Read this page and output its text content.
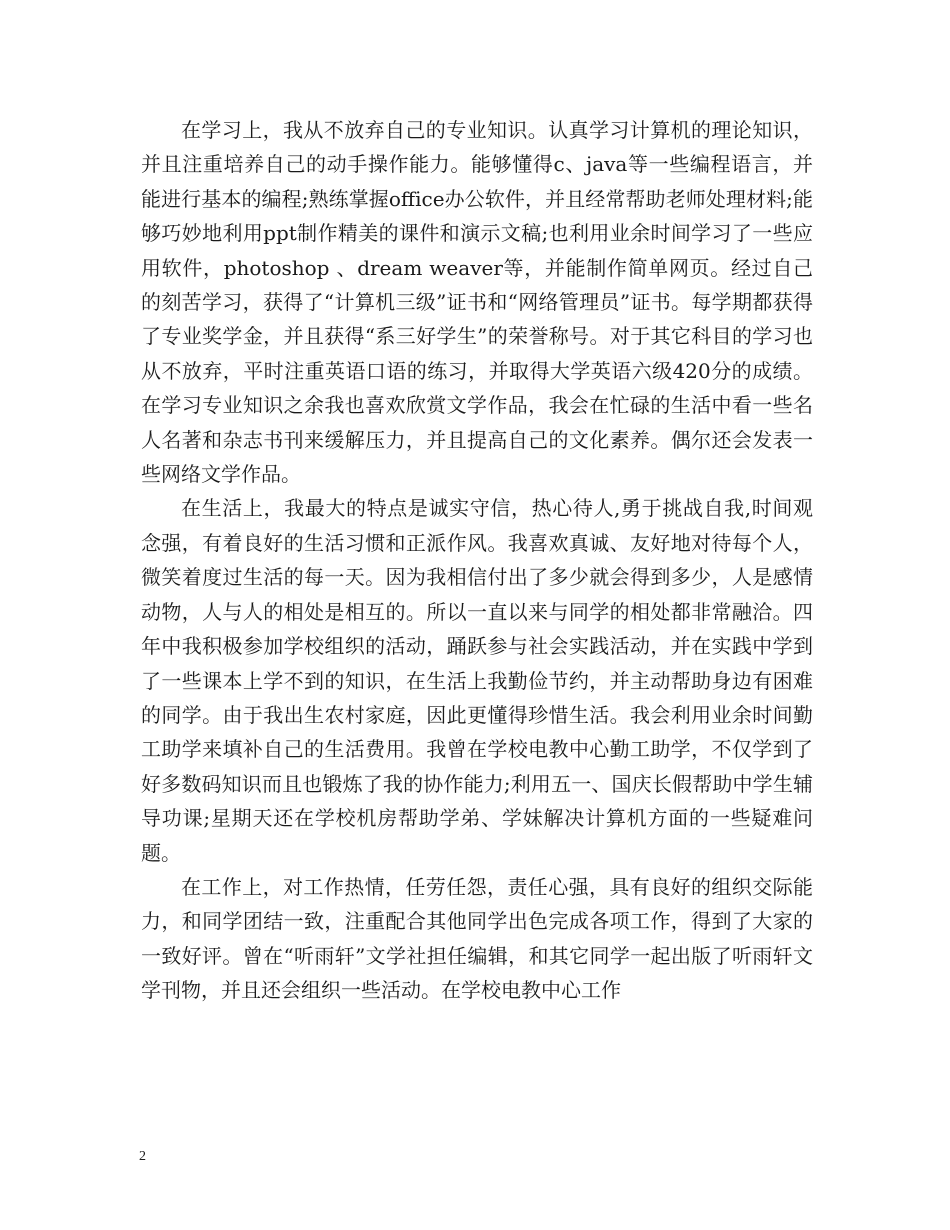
在学习上，我从不放弃自己的专业知识。认真学习计算机的理论知识，并且注重培养自己的动手操作能力。能够懂得c、java等一些编程语言，并能进行基本的编程;熟练掌握office办公软件，并且经常帮助老师处理材料;能够巧妙地利用ppt制作精美的课件和演示文稿;也利用业余时间学习了一些应用软件，photoshop 、dream weaver等，并能制作简单网页。经过自己的刻苦学习，获得了“计算机三级”证书和“网络管理员”证书。每学期都获得了专业奖学金，并且获得“系三好学生”的荣誉称号。对于其它科目的学习也从不放弃，平时注重英语口语的练习，并取得大学英语六级420分的成绩。在学习专业知识之余我也喜欢欣赏文学作品，我会在忙碌的生活中看一些名人名著和杂志书刊来缓解压力，并且提高自己的文化素养。偶尔还会发表一些网络文学作品。

在生活上，我最大的特点是诚实守信，热心待人,勇于挑战自我,时间观念强，有着良好的生活习惯和正派作风。我喜欢真诚、友好地对待每个人，微笑着度过生活的每一天。因为我相信付出了多少就会得到多少，人是感情动物，人与人的相处是相互的。所以一直以来与同学的相处都非常融洽。四年中我积极参加学校组织的活动，踊跃参与社会实践活动，并在实践中学到了一些课本上学不到的知识，在生活上我勤俭节约，并主动帮助身边有困难的同学。由于我出生农村家庭，因此更懂得珍惜生活。我会利用业余时间勤工助学来填补自己的生活费用。我曾在学校电教中心勤工助学，不仅学到了好多数码知识而且也锻炼了我的协作能力;利用五一、国庆长假帮助中学生辅导功课;星期天还在学校机房帮助学弟、学妹解决计算机方面的一些疑难问题。

在工作上，对工作热情，任劳任怨，责任心强，具有良好的组织交际能力，和同学团结一致，注重配合其他同学出色完成各项工作，得到了大家的一致好评。曾在“听雨轩”文学社担任编辑，和其它同学一起出版了听雨轩文学刊物，并且还会组织一些活动。在学校电教中心工作

2
